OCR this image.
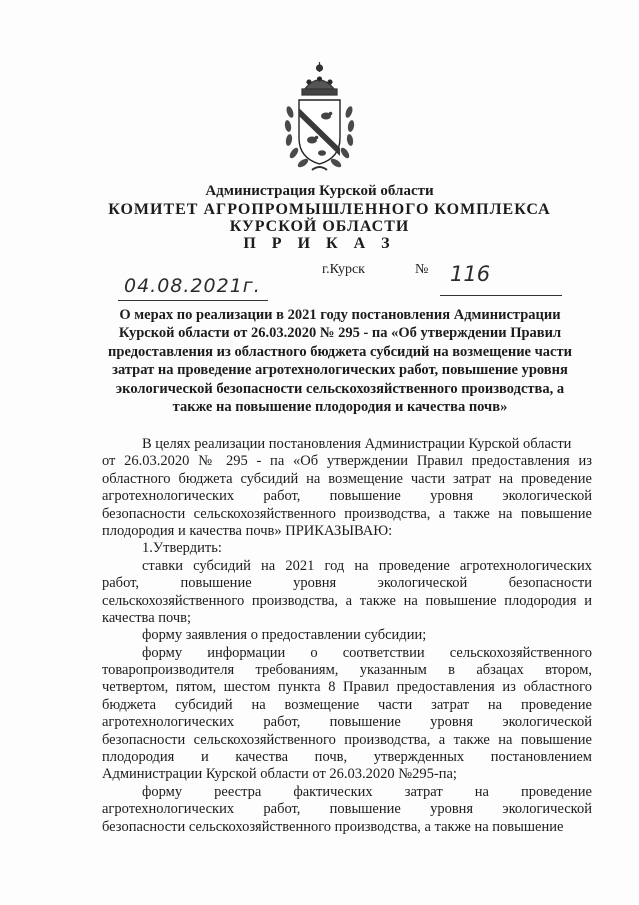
Администрация Курской области
КОМИТЕТ АГРОПРОМЫШЛЕННОГО КОМПЛЕКСА
КУРСКОЙ ОБЛАСТИ
П Р И К А З
04.08.2021г.
г.Курск	№ 116
О мерах по реализации в 2021 году постановления Администрации
Курской области от 26.03.2020 № 295 - па «Об утверждении Правил
предоставления из областного бюджета субсидий на возмещение части
затрат на проведение агротехнологических работ, повышение уровня
экологической безопасности сельскохозяйственного производства, а
также на повышение плодородия и качества почв»
В целях реализации постановления Администрации Курской области
от 26.03.2020 № 295 - па «Об утверждении Правил предоставления из
областного бюджета субсидий на возмещение части затрат на проведение
агротехнологических работ, повышение уровня экологической
безопасности сельскохозяйственного производства, а также на повышение
плодородия и качества почв» ПРИКАЗЫВАЮ:
1.Утвердить:
ставки субсидий на 2021 год на проведение агротехнологических
работ, повышение уровня экологической безопасности
сельскохозяйственного производства, а также на повышение плодородия и
качества почв;
форму заявления о предоставлении субсидии;
форму информации о соответствии сельскохозяйственного
товаропроизводителя требованиям, указанным в абзацах втором,
четвертом, пятом, шестом пункта 8 Правил предоставления из областного
бюджета субсидий на возмещение части затрат на проведение
агротехнологических работ, повышение уровня экологической
безопасности сельскохозяйственного производства, а также на повышение
плодородия и качества почв, утвержденных постановлением
Администрации Курской области от 26.03.2020 №295-па;
форму реестра фактических затрат на проведение
агротехнологических работ, повышение уровня экологической
безопасности сельскохозяйственного производства, а также на повышение
